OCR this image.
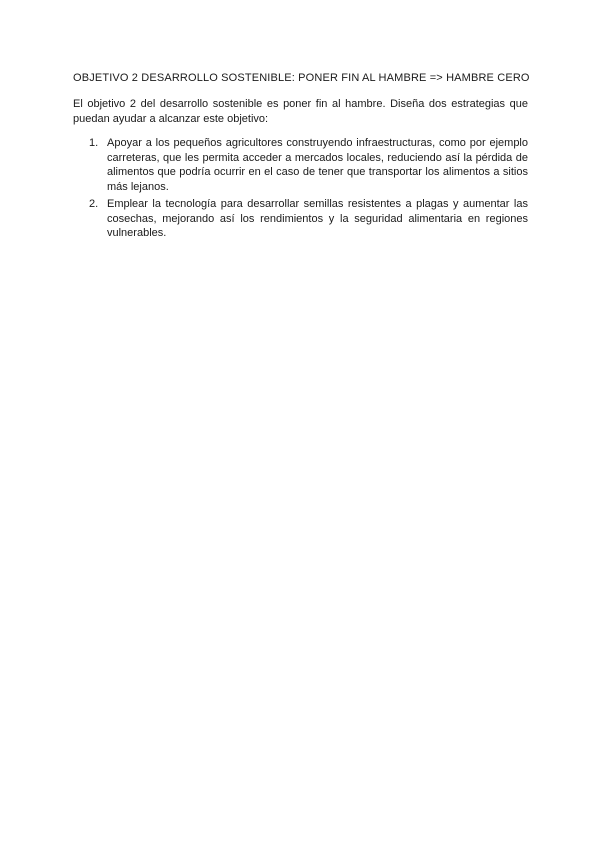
OBJETIVO 2 DESARROLLO SOSTENIBLE: PONER FIN AL HAMBRE => HAMBRE CERO

El objetivo 2 del desarrollo sostenible es poner fin al hambre. Diseña dos estrategias que puedan ayudar a alcanzar este objetivo:

1. Apoyar a los pequeños agricultores construyendo infraestructuras, como por ejemplo carreteras, que les permita acceder a mercados locales, reduciendo así la pérdida de alimentos que podría ocurrir en el caso de tener que transportar los alimentos a sitios más lejanos.
2. Emplear la tecnología para desarrollar semillas resistentes a plagas y aumentar las cosechas, mejorando así los rendimientos y la seguridad alimentaria en regiones vulnerables.
